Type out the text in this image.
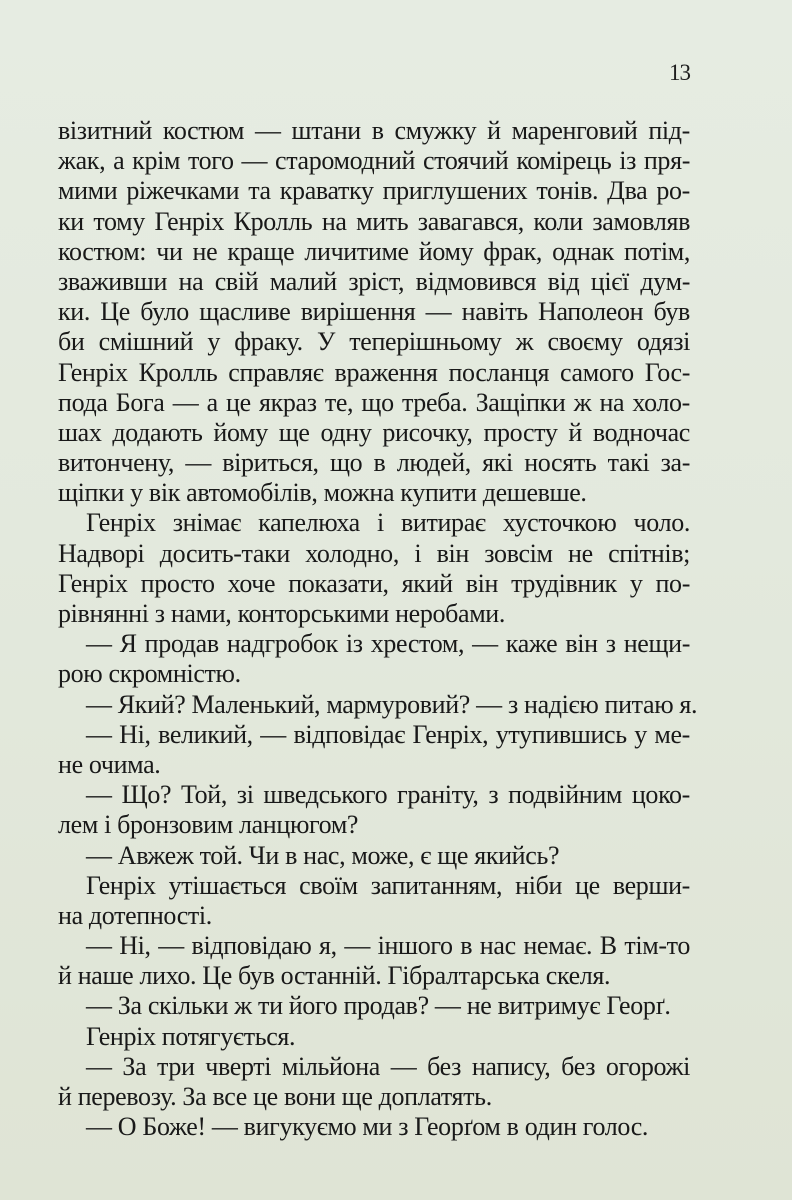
13
візитний костюм — штани в смужку й маренговий під-
жак, а крім того — старомодний стоячий комірець із пря-
мими ріжечками та краватку приглушених тонів. Два ро-
ки тому Генріх Кролль на мить завагався, коли замовляв
костюм: чи не краще личитиме йому фрак, однак потім,
зваживши на свій малий зріст, відмовився від цієї дум-
ки. Це було щасливе вирішення — навіть Наполеон був
би смішний у фраку. У теперішньому ж своєму одязі
Генріх Кролль справляє враження посланця самого Гос-
пода Бога — а це якраз те, що треба. Защіпки ж на холо-
шах додають йому ще одну рисочку, просту й водночас
витончену, — віриться, що в людей, які носять такі за-
щіпки у вік автомобілів, можна купити дешевше.
Генріх знімає капелюха і витирає хусточкою чоло.
Надворі досить-таки холодно, і він зовсім не спітнів;
Генріх просто хоче показати, який він трудівник у по-
рівнянні з нами, конторськими неробами.
— Я продав надгробок із хрестом, — каже він з нещи-
рою скромністю.
— Який? Маленький, мармуровий? — з надією питаю я.
— Ні, великий, — відповідає Генріх, утупившись у ме-
не очима.
— Що? Той, зі шведського граніту, з подвійним цоко-
лем і бронзовим ланцюгом?
— Авжеж той. Чи в нас, може, є ще якийсь?
Генріх утішається своїм запитанням, ніби це верши-
на дотепності.
— Ні, — відповідаю я, — іншого в нас немає. В тім-то
й наше лихо. Це був останній. Гібралтарська скеля.
— За скільки ж ти його продав? — не витримує Георґ.
Генріх потягується.
— За три чверті мільйона — без напису, без огорожі
й перевозу. За все це вони ще доплатять.
— О Боже! — вигукуємо ми з Георґом в один голос.
